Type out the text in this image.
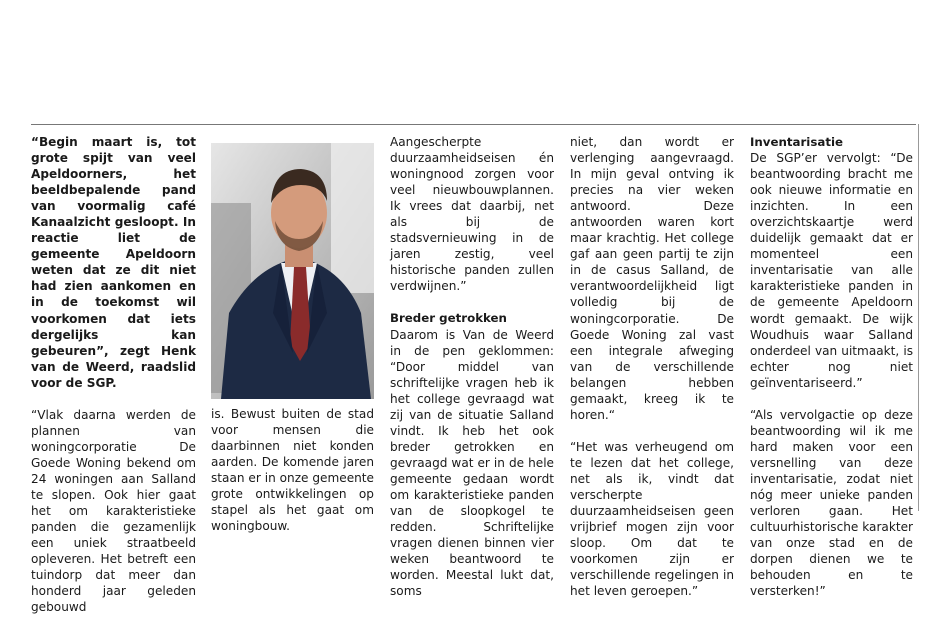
“Begin maart is, tot grote spijt van veel Apeldoorners, het beeldbepalende pand van voormalig café Kanaalzicht gesloopt. In reactie liet de gemeente Apeldoorn weten dat ze dit niet had zien aankomen en in de toekomst wil voorkomen dat iets dergelijks kan gebeuren”, zegt Henk van de Weerd, raadslid voor de SGP.

“Vlak daarna werden de plannen van woningcorporatie De Goede Woning bekend om 24 woningen aan Salland te slopen. Ook hier gaat het om karakteristieke panden die gezamenlijk een uniek straatbeeld opleveren. Het betreft een tuindorp dat meer dan honderd jaar geleden gebouwd

is. Bewust buiten de stad voor mensen die daarbinnen niet konden aarden. De komende jaren staan er in onze gemeente grote ontwikkelingen op stapel als het gaat om woningbouw.

Aangescherpte duurzaamheidseisen én woningnood zorgen voor veel nieuwbouwplannen. Ik vrees dat daarbij, net als bij de stadsvernieuwing in de jaren zestig, veel historische panden zullen verdwijnen.”

Breder getrokken

Daarom is Van de Weerd in de pen geklommen: “Door middel van schriftelijke vragen heb ik het college gevraagd wat zij van de situatie Salland vindt. Ik heb het ook breder getrokken en gevraagd wat er in de hele gemeente gedaan wordt om karakteristieke panden van de sloopkogel te redden. Schriftelijke vragen dienen binnen vier weken beantwoord te worden. Meestal lukt dat, soms

niet, dan wordt er verlenging aangevraagd. In mijn geval ontving ik precies na vier weken antwoord. Deze antwoorden waren kort maar krachtig. Het college gaf aan geen partij te zijn in de casus Salland, de verantwoordelijkheid ligt volledig bij de woningcorporatie. De Goede Woning zal vast een integrale afweging van de verschillende belangen hebben gemaakt, kreeg ik te horen.“

“Het was verheugend om te lezen dat het college, net als ik, vindt dat verscherpte duurzaamheidseisen geen vrijbrief mogen zijn voor sloop. Om dat te voorkomen zijn er verschillende regelingen in het leven geroepen.”

Inventarisatie

De SGP’er vervolgt: “De beantwoording bracht me ook nieuwe informatie en inzichten. In een overzichtskaartje werd duidelijk gemaakt dat er momenteel een inventarisatie van alle karakteristieke panden in de gemeente Apeldoorn wordt gemaakt. De wijk Woudhuis waar Salland onderdeel van uitmaakt, is echter nog niet geïnventariseerd.”

“Als vervolgactie op deze beantwoording wil ik me hard maken voor een versnelling van deze inventarisatie, zodat niet nóg meer unieke panden verloren gaan. Het cultuurhistorische karakter van onze stad en de dorpen dienen we te behouden en te versterken!”
